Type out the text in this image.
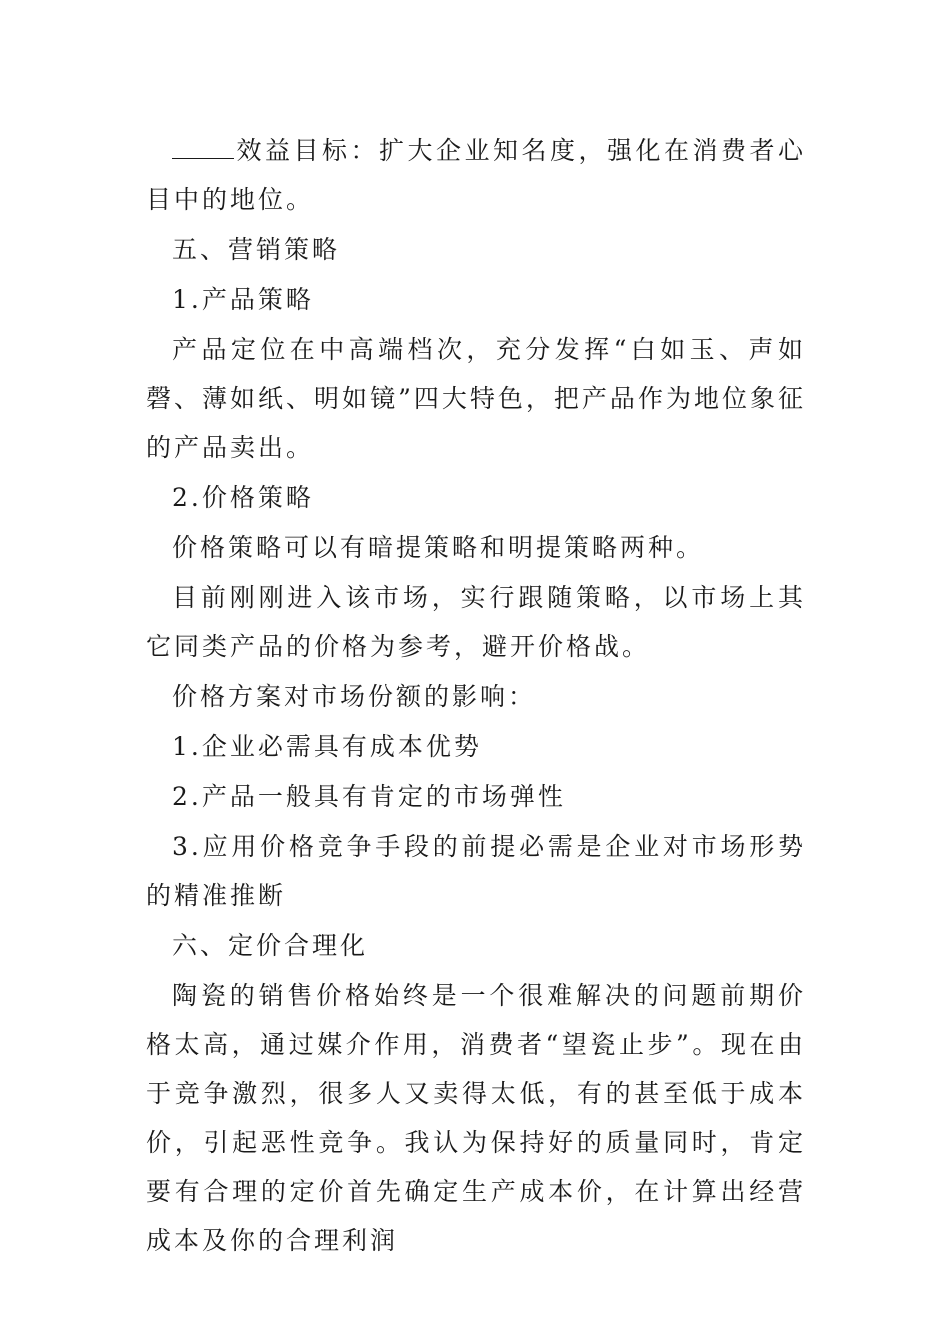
效益目标：扩大企业知名度，强化在消费者心目中的地位。

五、营销策略

1.产品策略

产品定位在中高端档次，充分发挥“白如玉、声如磬、薄如纸、明如镜”四大特色，把产品作为地位象征的产品卖出。

2.价格策略

价格策略可以有暗提策略和明提策略两种。

目前刚刚进入该市场，实行跟随策略，以市场上其它同类产品的价格为参考，避开价格战。

价格方案对市场份额的影响：

1.企业必需具有成本优势

2.产品一般具有肯定的市场弹性

3.应用价格竞争手段的前提必需是企业对市场形势的精准推断

六、定价合理化

陶瓷的销售价格始终是一个很难解决的问题前期价格太高，通过媒介作用，消费者“望瓷止步”。现在由于竞争激烈，很多人又卖得太低，有的甚至低于成本价，引起恶性竞争。我认为保持好的质量同时，肯定要有合理的定价首先确定生产成本价，在计算出经营成本及你的合理利润
